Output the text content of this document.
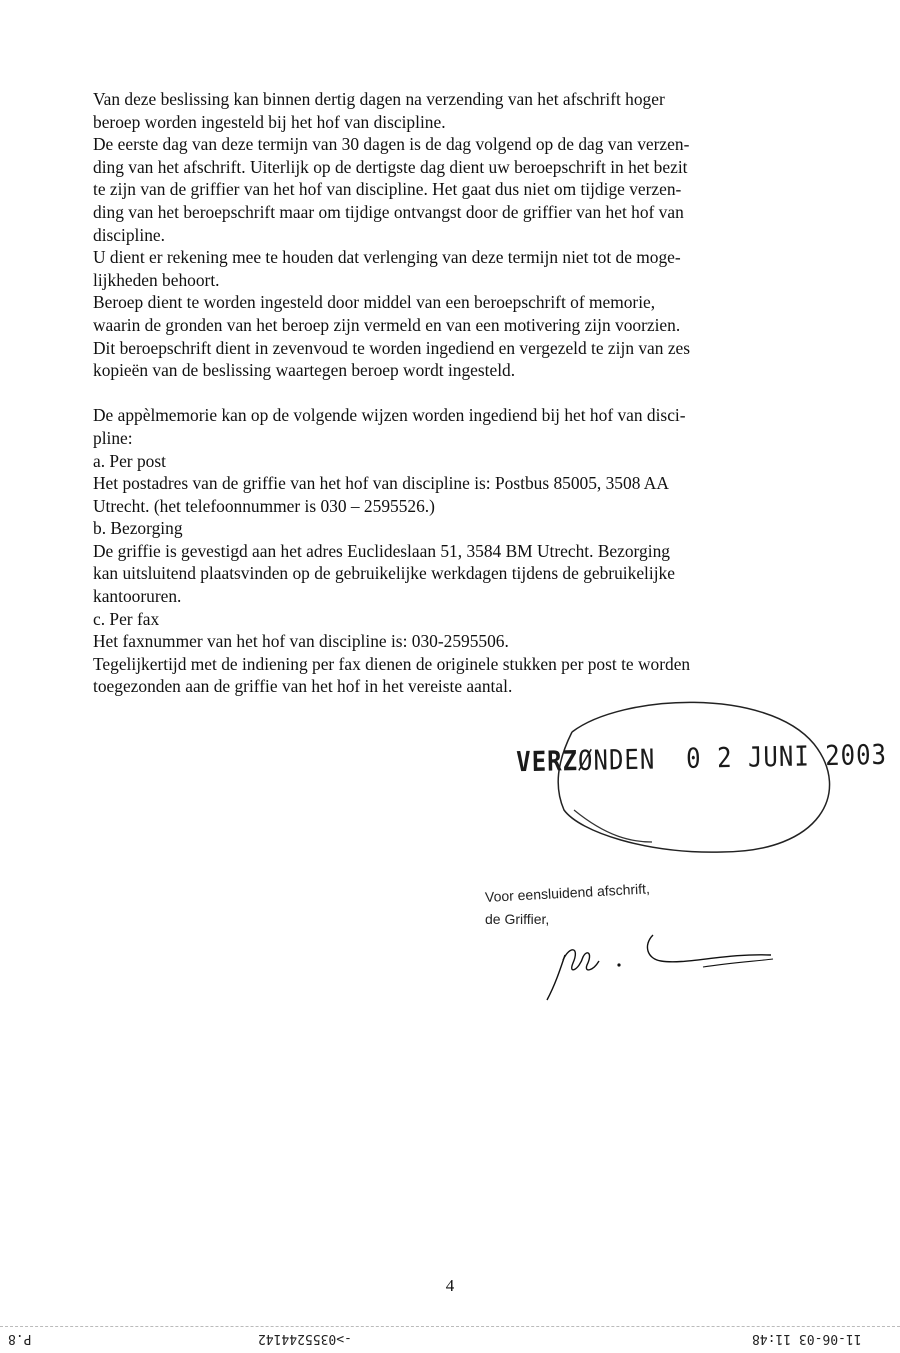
Van deze beslissing kan binnen dertig dagen na verzending van het afschrift hoger
beroep worden ingesteld bij het hof van discipline.
De eerste dag van deze termijn van 30 dagen is de dag volgend op de dag van verzen-
ding van het afschrift. Uiterlijk op de dertigste dag dient uw beroepschrift in het bezit
te zijn van de griffier van het hof van discipline. Het gaat dus niet om tijdige verzen-
ding van het beroepschrift maar om tijdige ontvangst door de griffier van het hof van
discipline.
U dient er rekening mee te houden dat verlenging van deze termijn niet tot de moge-
lijkheden behoort.
Beroep dient te worden ingesteld door middel van een beroepschrift of memorie,
waarin de gronden van het beroep zijn vermeld en van een motivering zijn voorzien.
Dit beroepschrift dient in zevenvoud te worden ingediend en vergezeld te zijn van zes
kopieën van de beslissing waartegen beroep wordt ingesteld.
De appèlmemorie kan op de volgende wijzen worden ingediend bij het hof van disci-
pline:
a. Per post
Het postadres van de griffie van het hof van discipline is: Postbus 85005, 3508 AA
Utrecht. (het telefoonnummer is 030 – 2595526.)
b. Bezorging
De griffie is gevestigd aan het adres Euclideslaan 51, 3584 BM Utrecht. Bezorging
kan uitsluitend plaatsvinden op de gebruikelijke werkdagen tijdens de gebruikelijke
kantooruren.
c. Per fax
Het faxnummer van het hof van discipline is: 030-2595506.
Tegelijkertijd met de indiening per fax dienen de originele stukken per post te worden
toegezonden aan de griffie van het hof in het vereiste aantal.
VERZØNDEN 0 2 JUNI 2003
Voor eensluidend afschrift,
de Griffier,
4
P.8	->0355244142	11-06-03 11:48
